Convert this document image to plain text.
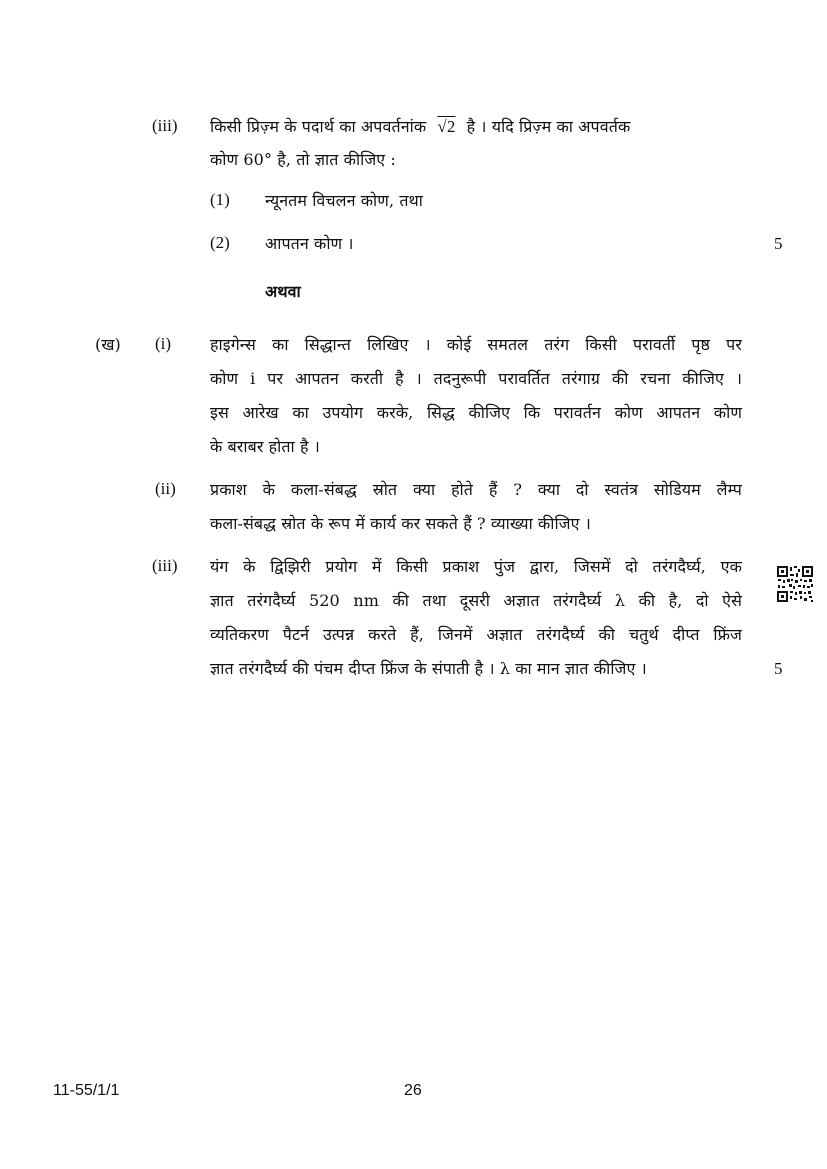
(iii) किसी प्रिज़्म के पदार्थ का अपवर्तनांक √2 है । यदि प्रिज़्म का अपवर्तक
कोण 60° है, तो ज्ञात कीजिए :
(1) न्यूनतम विचलन कोण, तथा
(2) आपतन कोण ।	5
अथवा
(ख) (i) हाइगेन्स का सिद्धान्त लिखिए । कोई समतल तरंग किसी परावर्ती पृष्ठ पर
कोण i पर आपतन करती है । तदनुरूपी परावर्तित तरंगाग्र की रचना कीजिए ।
इस आरेख का उपयोग करके, सिद्ध कीजिए कि परावर्तन कोण आपतन कोण
के बराबर होता है ।
(ii) प्रकाश के कला-संबद्ध स्रोत क्या होते हैं ? क्या दो स्वतंत्र सोडियम लैम्प
कला-संबद्ध स्रोत के रूप में कार्य कर सकते हैं ? व्याख्या कीजिए ।
(iii) यंग के द्विझिरी प्रयोग में किसी प्रकाश पुंज द्वारा, जिसमें दो तरंगदैर्घ्य, एक
ज्ञात तरंगदैर्घ्य 520 nm की तथा दूसरी अज्ञात तरंगदैर्घ्य λ की है, दो ऐसे
व्यतिकरण पैटर्न उत्पन्न करते हैं, जिनमें अज्ञात तरंगदैर्घ्य की चतुर्थ दीप्त फ्रिंज
ज्ञात तरंगदैर्घ्य की पंचम दीप्त फ्रिंज के संपाती है । λ का मान ज्ञात कीजिए ।	5
11-55/1/1	26
